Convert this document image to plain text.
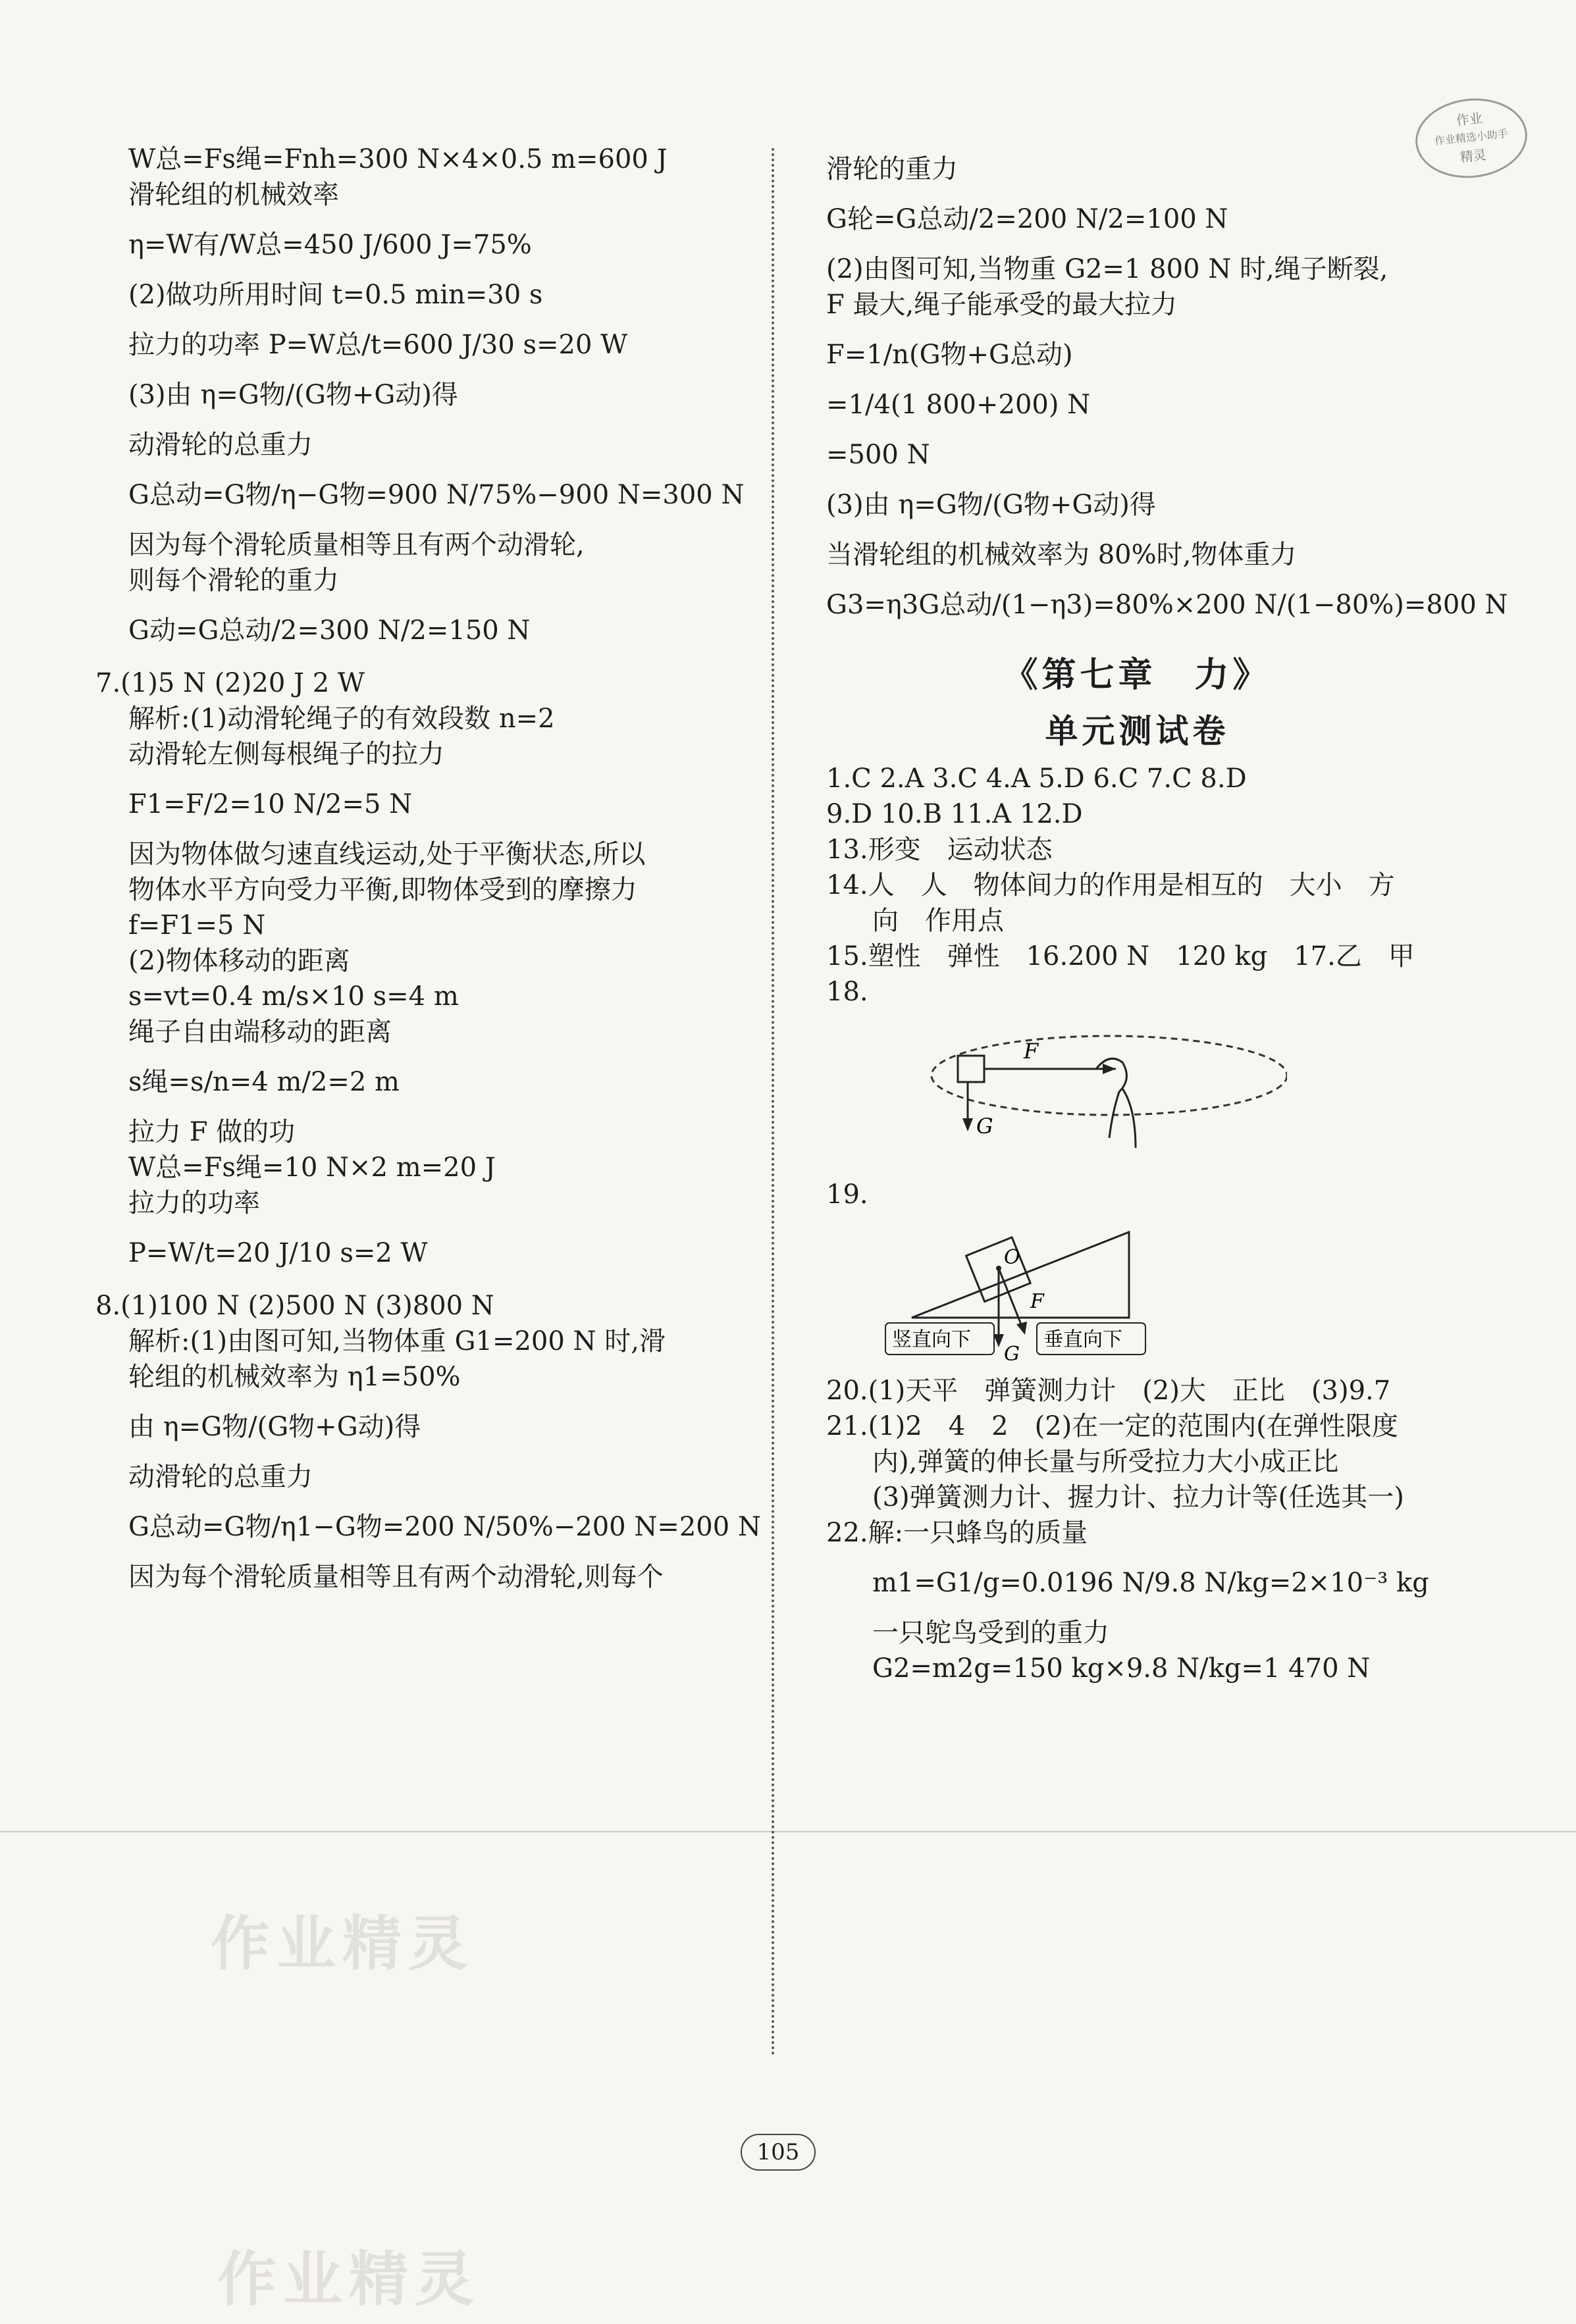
作业
作业精选小助手
精灵
作业精灵
作业精灵
W总=Fs绳=Fnh=300 N×4×0.5 m=600 J
滑轮组的机械效率
η=W有/W总=450 J/600 J=75%
(2)做功所用时间 t=0.5 min=30 s
拉力的功率 P=W总/t=600 J/30 s=20 W
(3)由 η=G物/(G物+G动)得
动滑轮的总重力
G总动=G物/η−G物=900 N/75%−900 N=300 N
因为每个滑轮质量相等且有两个动滑轮,
则每个滑轮的重力
G动=G总动/2=300 N/2=150 N
7.(1)5 N (2)20 J 2 W
解析:(1)动滑轮绳子的有效段数 n=2
动滑轮左侧每根绳子的拉力
F1=F/2=10 N/2=5 N
因为物体做匀速直线运动,处于平衡状态,所以
物体水平方向受力平衡,即物体受到的摩擦力
f=F1=5 N
(2)物体移动的距离
s=vt=0.4 m/s×10 s=4 m
绳子自由端移动的距离
s绳=s/n=4 m/2=2 m
拉力 F 做的功
W总=Fs绳=10 N×2 m=20 J
拉力的功率
P=W/t=20 J/10 s=2 W
8.(1)100 N (2)500 N (3)800 N
解析:(1)由图可知,当物体重 G1=200 N 时,滑
轮组的机械效率为 η1=50%
由 η=G物/(G物+G动)得
动滑轮的总重力
G总动=G物/η1−G物=200 N/50%−200 N=200 N
因为每个滑轮质量相等且有两个动滑轮,则每个
滑轮的重力
G轮=G总动/2=200 N/2=100 N
(2)由图可知,当物重 G2=1 800 N 时,绳子断裂,
F 最大,绳子能承受的最大拉力
F=1/n(G物+G总动)
=1/4(1 800+200) N
=500 N
(3)由 η=G物/(G物+G动)得
当滑轮组的机械效率为 80%时,物体重力
G3=η3G总动/(1−η3)=80%×200 N/(1−80%)=800 N
《第七章　力》
单元测试卷
1.C 2.A 3.C 4.A 5.D 6.C 7.C 8.D
9.D 10.B 11.A 12.D
13.形变　运动状态
14.人　人　物体间力的作用是相互的　大小　方
向　作用点
15.塑性　弹性　16.200 N　120 kg　17.乙　甲
18.
F
G
19.
O
G
F
竖直向下	垂直向下
20.(1)天平　弹簧测力计　(2)大　正比　(3)9.7
21.(1)2　4　2　(2)在一定的范围内(在弹性限度
内),弹簧的伸长量与所受拉力大小成正比
(3)弹簧测力计、握力计、拉力计等(任选其一)
22.解:一只蜂鸟的质量
m1=G1/g=0.0196 N/9.8 N/kg=2×10⁻³ kg
一只鸵鸟受到的重力
G2=m2g=150 kg×9.8 N/kg=1 470 N
105
